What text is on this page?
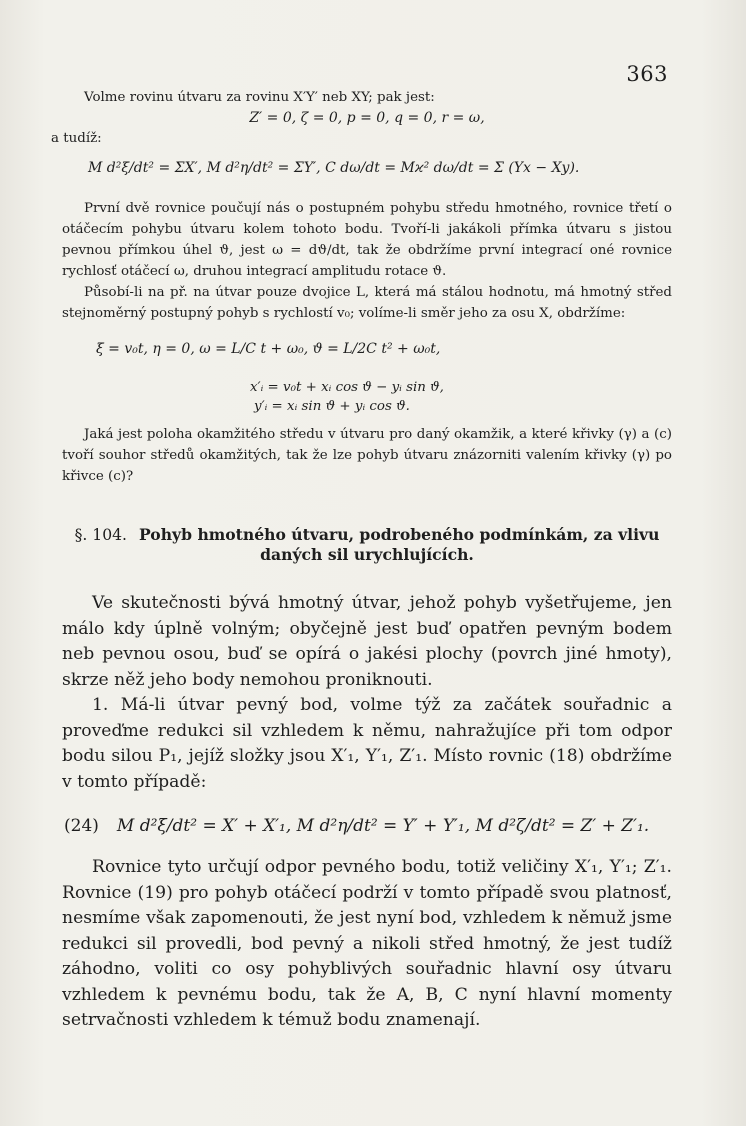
363

Volme rovinu útvaru za rovinu X′Y′ neb XY; pak jest:

Z′ = 0, ζ = 0, p = 0, q = 0, r = ω,

a tudíž:

M d²ξ/dt² = ΣX′, M d²η/dt² = ΣY′, C dω/dt = Mϰ² dω/dt = Σ (Yx − Xy).

První dvě rovnice poučují nás o postupném pohybu středu hmotného, rovnice třetí o otáčecím pohybu útvaru kolem tohoto bodu. Tvoří-li jakákoli přímka útvaru s jistou pevnou přímkou úhel ϑ, jest ω = dϑ/dt, tak že obdržíme první integrací oné rovnice rychlosť otáčecí ω, druhou integrací amplitudu rotace ϑ.

Působí-li na př. na útvar pouze dvojice L, která má stálou hodnotu, má hmotný střed stejnoměrný postupný pohyb s rychlostí v₀; volíme-li směr jeho za osu X, obdržíme:

ξ = v₀t, η = 0, ω = L/C t + ω₀, ϑ = L/2C t² + ω₀t,

x′ᵢ = v₀t + xᵢ cos ϑ − yᵢ sin ϑ,

y′ᵢ = xᵢ sin ϑ + yᵢ cos ϑ.

Jaká jest poloha okamžitého středu v útvaru pro daný okamžik, a které křivky (γ) a (c) tvoří souhor středů okamžitých, tak že lze pohyb útvaru znázorniti valením křivky (γ) po křivce (c)?

§. 104. Pohyb hmotného útvaru, podrobeného podmínkám, za vlivu daných sil urychlujících.

Ve skutečnosti bývá hmotný útvar, jehož pohyb vyšetřujeme, jen málo kdy úplně volným; obyčejně jest buď opatřen pevným bodem neb pevnou osou, buď se opírá o jakési plochy (povrch jiné hmoty), skrze něž jeho body nemohou proniknouti.

1. Má-li útvar pevný bod, volme týž za začátek souřadnic a proveďme redukci sil vzhledem k němu, nahražujíce při tom odpor bodu silou P₁, jejíž složky jsou X′₁, Y′₁, Z′₁. Místo rovnic (18) obdržíme v tomto případě:

(24) M d²ξ/dt² = X′ + X′₁, M d²η/dt² = Y′ + Y′₁, M d²ζ/dt² = Z′ + Z′₁.

Rovnice tyto určují odpor pevného bodu, totiž veličiny X′₁, Y′₁; Z′₁. Rovnice (19) pro pohyb otáčecí podrží v tomto případě svou platnosť, nesmíme však zapomenouti, že jest nyní bod, vzhledem k němuž jsme redukci sil provedli, bod pevný a nikoli střed hmotný, že jest tudíž záhodno, voliti co osy pohyblivých souřadnic hlavní osy útvaru vzhledem k pevnému bodu, tak že A, B, C nyní hlavní momenty setrvačnosti vzhledem k témuž bodu znamenají.
